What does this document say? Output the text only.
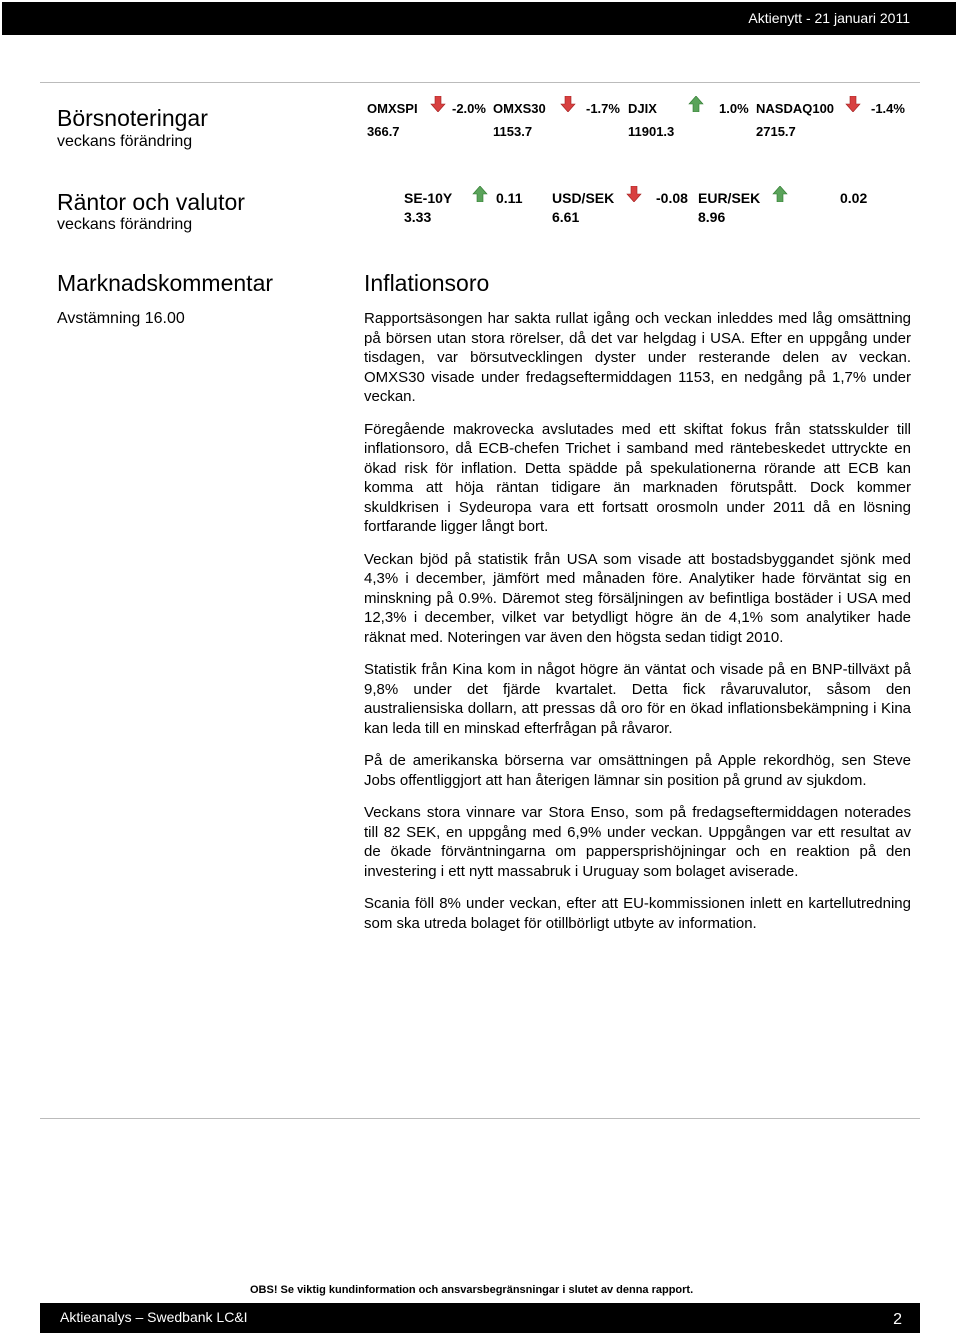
Aktienytt - 21 januari 2011
Börsnoteringar
veckans förändring
OMXSPI	-2.0%
366.7
OMXS30	-1.7%
1153.7
DJIX	1.0%
11901.3
NASDAQ100	-1.4%
2715.7
Räntor och valutor
veckans förändring
SE-10Y	0.11
3.33
USD/SEK	-0.08
6.61
EUR/SEK	0.02
8.96
Marknadskommentar	Inflationsoro
Avstämning 16.00	Rapportsäsongen har sakta rullat igång och veckan inleddes med låg omsättning på börsen utan stora rörelser, då det var helgdag i USA. Efter en uppgång under tisdagen, var börsutvecklingen dyster under resterande delen av veckan. OMXS30 visade under fredagseftermiddagen 1153, en nedgång på 1,7% under veckan.

Föregående makrovecka avslutades med ett skiftat fokus från statsskulder till inflationsoro, då ECB-chefen Trichet i samband med räntebeskedet uttryckte en ökad risk för inflation. Detta spädde på spekulationerna rörande att ECB kan komma att höja räntan tidigare än marknaden förutspått. Dock kommer skuldkrisen i Sydeuropa vara ett fortsatt orosmoln under 2011 då en lösning fortfarande ligger långt bort.

Veckan bjöd på statistik från USA som visade att bostadsbyggandet sjönk med 4,3% i december, jämfört med månaden före. Analytiker hade förväntat sig en minskning på 0.9%. Däremot steg försäljningen av befintliga bostäder i USA med 12,3% i december, vilket var betydligt högre än de 4,1% som analytiker hade räknat med. Noteringen var även den högsta sedan tidigt 2010.

Statistik från Kina kom in något högre än väntat och visade på en BNP-tillväxt på 9,8% under det fjärde kvartalet. Detta fick råvaruvalutor, såsom den australiensiska dollarn, att pressas då oro för en ökad inflationsbekämpning i Kina kan leda till en minskad efterfrågan på råvaror.

På de amerikanska börserna var omsättningen på Apple rekordhög, sen Steve Jobs offentliggjort att han återigen lämnar sin position på grund av sjukdom.

Veckans stora vinnare var Stora Enso, som på fredagseftermiddagen noterades till 82 SEK, en uppgång med 6,9% under veckan. Uppgången var ett resultat av de ökade förväntningarna om pappersprishöjningar och en reaktion på den investering i ett nytt massabruk i Uruguay som bolaget aviserade.

Scania föll 8% under veckan, efter att EU-kommissionen inlett en kartellutredning som ska utreda bolaget för otillbörligt utbyte av information.

OBS! Se viktig kundinformation och ansvarsbegränsningar i slutet av denna rapport.
Aktieanalys – Swedbank LC&I	2
